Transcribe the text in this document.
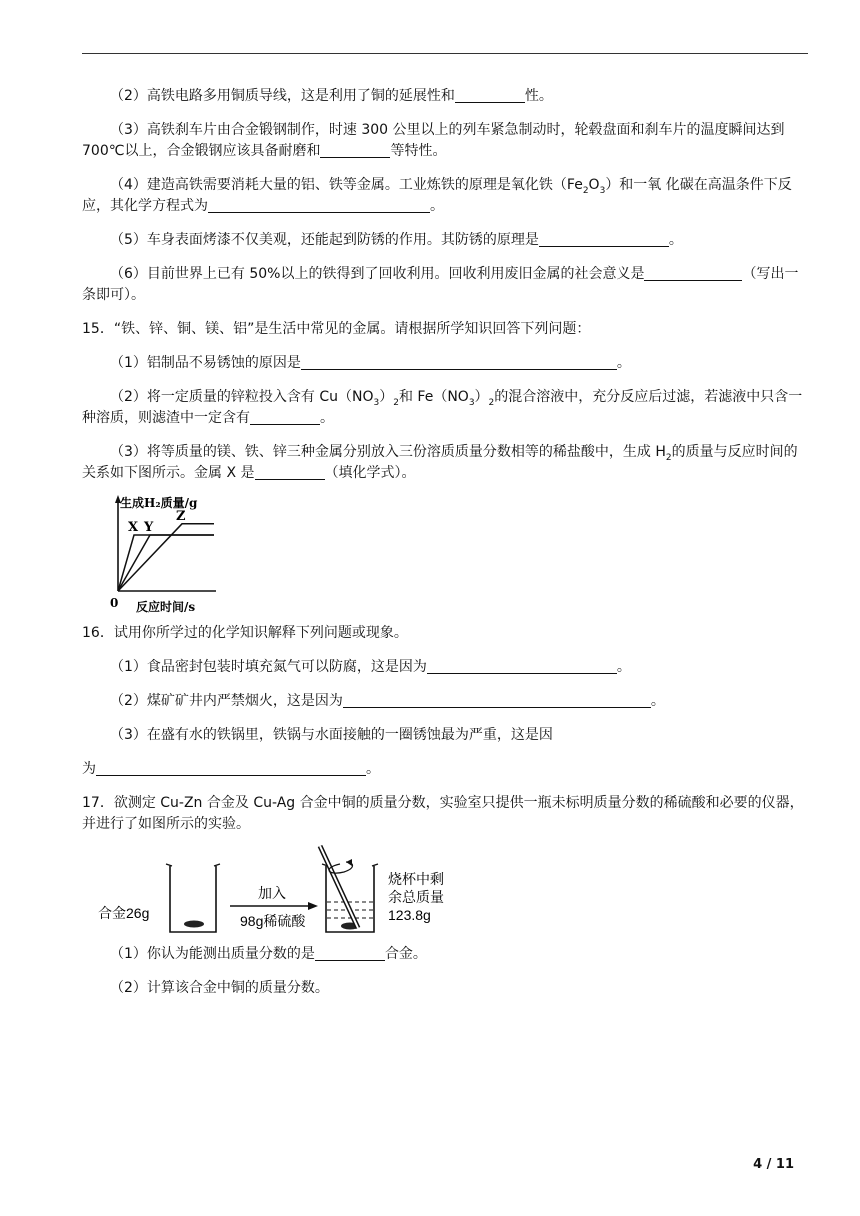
（2）高铁电路多用铜质导线，这是利用了铜的延展性和	性。

（3）高铁刹车片由合金锻钢制作，时速 300 公里以上的列车紧急制动时，轮毂盘面和刹车片的温度瞬间达到 700℃以上，合金锻钢应该具备耐磨和	等特性。

（4）建造高铁需要消耗大量的铝、铁等金属。工业炼铁的原理是氧化铁$(Fe_2O_3)$和一氧 化碳在高温条件下反应，其化学方程式为	。

（5）车身表面烤漆不仅美观，还能起到防锈的作用。其防锈的原理是	。

（6）目前世界上已有 50%以上的铁得到了回收利用。回收利用废旧金属的社会意义是	（写出一条即可）。

15．“铁、锌、铜、镁、铝”是生活中常见的金属。请根据所学知识回答下列问题：

（1）铝制品不易锈蚀的原因是	。

（2）将一定质量的锌粒投入含有 $Cu(NO_3)_2$和 $Fe(NO_3)_2$的混合溶液中，充分反应后过滤，若滤液中只含一种溶质，则滤渣中一定含有	。

（3）将等质量的镁、铁、锌三种金属分别放入三份溶质质量分数相等的稀盐酸中，生成 $H_2$的质量与反应时间的关系如下图所示。金属 X 是	（填化学式）。

生成H₂质量/g
0 反应时间/s
X Y
Z

16．试用你所学过的化学知识解释下列问题或现象。

（1）食品密封包装时填充氮气可以防腐，这是因为	。

（2）煤矿矿井内严禁烟火，这是因为	。

（3）在盛有水的铁锅里，铁锅与水面接触的一圈锈蚀最为严重，这是因

为	。

17．欲测定 Cu-Zn 合金及 Cu-Ag 合金中铜的质量分数，实验室只提供一瓶未标明质量分数的稀硫酸和必要的仪器，并进行了如图所示的实验。

合金26g
加入
98g稀硫酸
烧杯中剩
余总质量
123.8g

（1）你认为能测出质量分数的是	合金。

（2）计算该合金中铜的质量分数。

4 / 11
